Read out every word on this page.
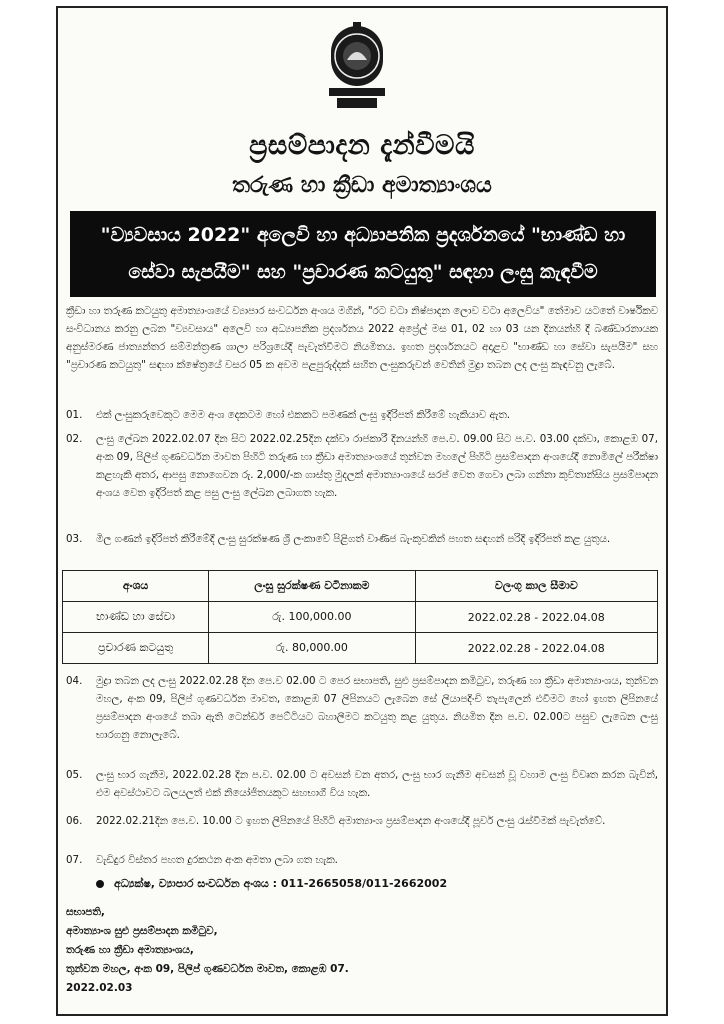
ප්‍රසම්පාදන දැන්වීමයි
තරුණ හා ක්‍රීඩා අමාත්‍යාංශය
"ව්‍යවසාය 2022" අලෙවි හා අධ්‍යාපනික ප්‍රදර්ශනයේ "භාණ්ඩ හා
සේවා සැපයීම" සහ "ප්‍රචාරණ කටයුතු" සඳහා ලංසු කැඳවීම
ක්‍රීඩා හා තරුණ කටයුතු අමාත්‍යාංශයේ ව්‍යාපාර සංවර්ධන අංශය මගින්, "රට වටා නිෂ්පාදන ලොව වටා අලෙවිය" තේමාව යටතේ වාර්ෂිකව සංවිධානය කරනු ලබන "ව්‍යවසාය" අලෙවි හා අධ්‍යාපනික ප්‍රදර්ශනය 2022 අප්‍රේල් මස 01, 02 හා 03 යන දිනයන්හි දී බණ්ඩාරනායක අනුස්මරණ ජාත්‍යන්තර සම්මන්ත්‍රණ ශාලා පරිශ්‍රයේදී පැවැත්වීමට නියමිතය. ඉහත ප්‍රදර්ශනයට අදාළව "භාණ්ඩ හා සේවා සැපයීම" සහ "ප්‍රචාරණ කටයුතු" සඳහා ක්ෂේත්‍රයේ වසර 05 ක අවම පළපුරුද්දක් සහිත ලංසුකරුවන් වෙතින් මුද්‍රා තබන ලද ලංසු කැඳවනු ලැබේ.
01.	එක් ලංසුකරුවෙකුට මෙම අංශ දෙකටම හෝ එකකට පමණක් ලංසු ඉදිරිපත් කිරීමේ හැකියාව ඇත.
02.	ලංසු ලේඛන 2022.02.07 දින සිට 2022.02.25දින දක්වා රාජකාරී දිනයන්හි පෙ.ව. 09.00 සිට ප.ව. 03.00 දක්වා, කොළඹ 07, අංක 09, පිලිප් ගුණවර්ධන මාවත පිහිටි තරුණ හා ක්‍රීඩා අමාත්‍යාංශයේ තුන්වන මහලේ පිහිටි ප්‍රසම්පාදන අංශයේදී නොමිලේ පරීක්ෂා කළහැකි අතර, ආපසු නොගෙවන රු. 2,000/-ක ගාස්තු මුදලක් අමාත්‍යාංශයේ සරප් වෙත ගෙවා ලබා ගන්නා කුවිතාන්සිය ප්‍රසම්පාදන අංශය වෙත ඉදිරිපත් කළ පසු ලංසු ලේඛන ලබාගත හැක.
03.	මිල ගණන් ඉදිරිපත් කිරීමේදී ලංසු සුරක්ෂණ ශ්‍රී ලංකාවේ පිළිගත් වාණිජ බැංකුවකින් පහත සඳහන් පරිදි ඉදිරිපත් කළ යුතුය.
අංශය	ලංසු සුරක්ෂණ වටිනාකම	වලංගු කාල සීමාව
භාණ්ඩ හා සේවා	රු. 100,000.00	2022.02.28 - 2022.04.08
ප්‍රචාරණ කටයුතු	රු. 80,000.00	2022.02.28 - 2022.04.08
04.	මුද්‍රා තබන ලද ලංසු 2022.02.28 දින පෙ.ව 02.00 ට පෙර සභාපති, සුළු ප්‍රසම්පාදන කමිටුව, තරුණ හා ක්‍රීඩා අමාත්‍යාංශය, තුන්වන මහල, අංක 09, පිලිප් ගුණවර්ධන මාවත, කොළඹ 07 ලිපිනයට ලැබෙන සේ ලියාපදිංචි තැපැලෙන් එවීමට හෝ ඉහත ලිපිනයේ ප්‍රසම්පාදන අංශයේ තබා ඇති ටෙන්ඩර් පෙට්ටියට බහාලීමට කටයුතු කළ යුතුය. නියමිත දින ප.ව. 02.00ට පසුව ලැබෙන ලංසු භාරගනු නොලැබේ.
05.	ලංසු භාර ගැනීම, 2022.02.28 දින ප.ව. 02.00 ට අවසන් වන අතර, ලංසු භාර ගැනීම අවසන් වූ වහාම ලංසු විවෘත කරන බැවින්, එම අවස්ථාවට බලයලත් එක් නියෝජිතයකුට සහභාගී විය හැක.
06.	2022.02.21දින පෙ.ව. 10.00 ට ඉහත ලිපිනයේ පිහිටි අමාත්‍යාංශ ප්‍රසම්පාදන අංශයේදී පූර්ව ලංසු රැස්වීමක් පැවැත්වේ.
07.	වැඩිදුර විස්තර පහත දුරකථන අංක අමතා ලබා ගත හැක.
අධ්‍යක්ෂ, ව්‍යාපාර සංවර්ධන අංශය : 011-2665058/011-2662002
සභාපති,
අමාත්‍යාංශ සුළු ප්‍රසම්පාදන කමිටුව,
තරුණ හා ක්‍රීඩා අමාත්‍යාංශය,
තුන්වන මහල, අංක 09, පිලිප් ගුණවර්ධන මාවත, කොළඹ 07.
2022.02.03
